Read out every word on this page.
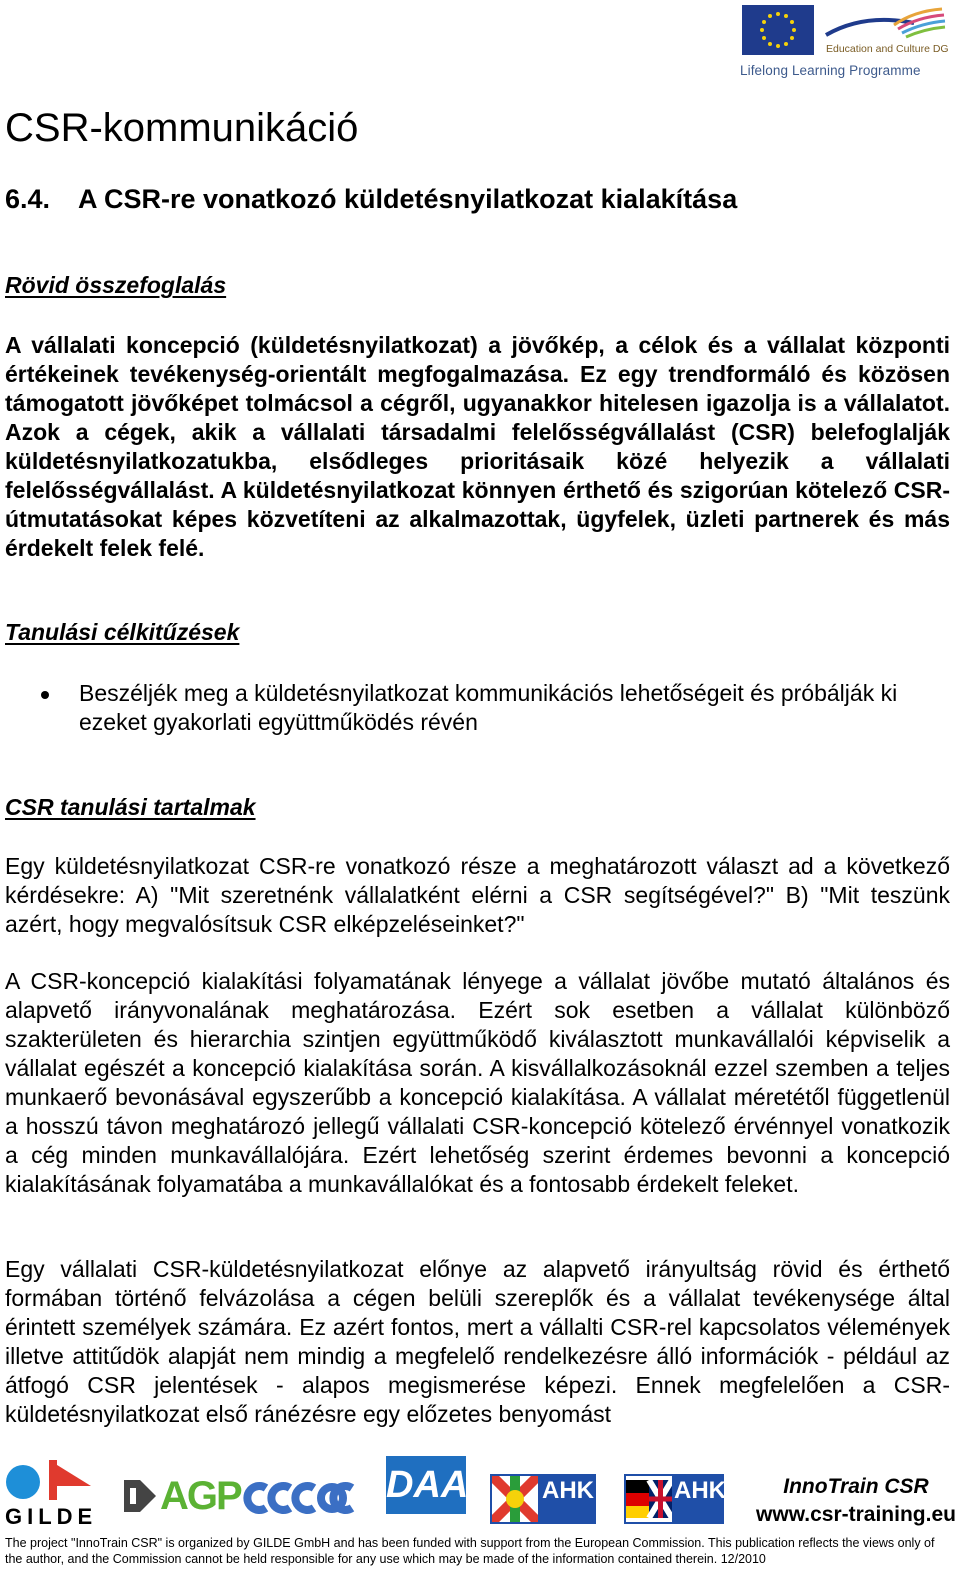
Education and Culture DG
Lifelong Learning Programme
CSR-kommunikáció
6.4. A CSR-re vonatkozó küldetésnyilatkozat kialakítása
Rövid összefoglalás

A vállalati koncepció (küldetésnyilatkozat) a jövőkép, a célok és a vállalat központi értékeinek tevékenység-orientált megfogalmazása. Ez egy trendformáló és közösen támogatott jövőképet tolmácsol a cégről, ugyanakkor hitelesen igazolja is a vállalatot. Azok a cégek, akik a vállalati társadalmi felelősségvállalást (CSR) belefoglalják küldetésnyilatkozatukba, elsődleges prioritásaik közé helyezik a vállalati felelősségvállalást. A küldetésnyilatkozat könnyen érthető és szigorúan kötelező CSR-útmutatásokat képes közvetíteni az alkalmazottak, ügyfelek, üzleti partnerek és más érdekelt felek felé.

Tanulási célkitűzések
Beszéljék meg a küldetésnyilatkozat kommunikációs lehetőségeit és próbálják ki ezeket gyakorlati együttműködés révén
CSR tanulási tartalmak

Egy küldetésnyilatkozat CSR-re vonatkozó része a meghatározott választ ad a következő kérdésekre: A) "Mit szeretnénk vállalatként elérni a CSR segítségével?" B) "Mit teszünk azért, hogy megvalósítsuk CSR elképzeléseinket?"

A CSR-koncepció kialakítási folyamatának lényege a vállalat jövőbe mutató általános és alapvető irányvonalának meghatározása. Ezért sok esetben a vállalat különböző szakterületen és hierarchia szintjen együttműködő kiválasztott munkavállalói képviselik a vállalat egészét a koncepció kialakítása során. A kisvállalkozásoknál ezzel szemben a teljes munkaerő bevonásával egyszerűbb a koncepció kialakítása. A vállalat méretétől függetlenül a hosszú távon meghatározó jellegű vállalati CSR-koncepció kötelező érvénnyel vonatkozik a cég minden munkavállalójára. Ezért lehetőség szerint érdemes bevonni a koncepció kialakításának folyamatába a munkavállalókat és a fontosabb érdekelt feleket.

Egy vállalati CSR-küldetésnyilatkozat előnye az alapvető irányultság rövid és érthető formában történő felvázolása a cégen belüli szereplők és a vállalat tevékenysége által érintett személyek számára. Ez azért fontos, mert a vállalti CSR-rel kapcsolatos vélemények illetve attitűdök alapját nem mindig a megfelelő rendelkezésre álló információk - például az átfogó CSR jelentések - alapos megismerése képezi. Ennek megfelelően a CSR-küldetésnyilatkozat első ránézésre egy előzetes benyomást

GILDE AGP	DAA	AHK	AHK	InnoTrain CSR
www.csr-training.eu

The project "InnoTrain CSR" is organized by GILDE GmbH and has been funded with support from the European Commission. This publication reflects the views only of the author, and the Commission cannot be held responsible for any use which may be made of the information contained therein. 12/2010
